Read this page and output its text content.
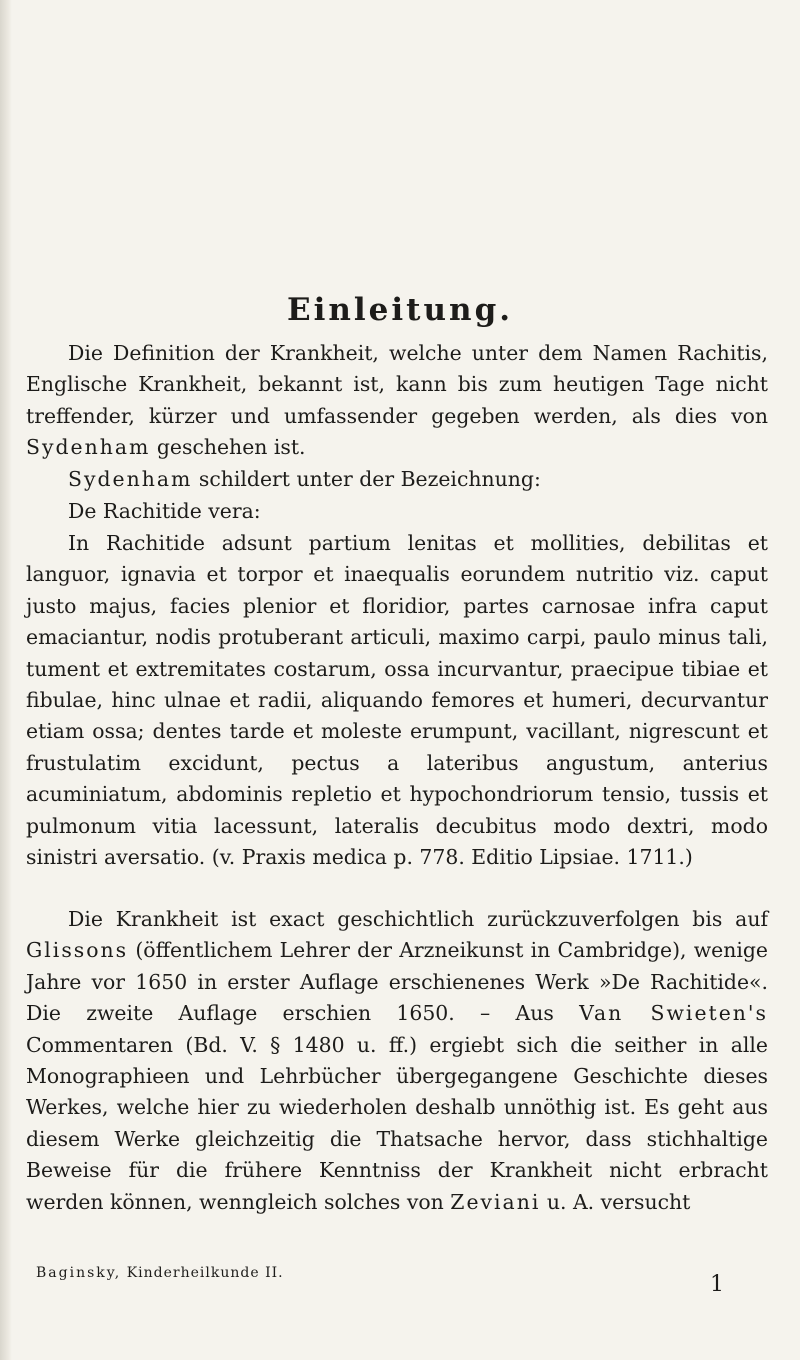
Einleitung.
Die Definition der Krankheit, welche unter dem Namen Rachitis, Englische Krankheit, bekannt ist, kann bis zum heutigen Tage nicht treffender, kürzer und umfassender gegeben werden, als dies von Sydenham geschehen ist.
Sydenham schildert unter der Bezeichnung:
De Rachitide vera:
In Rachitide adsunt partium lenitas et mollities, debilitas et languor, ignavia et torpor et inaequalis eorundem nutritio viz. caput justo majus, facies plenior et floridior, partes carnosae infra caput emaciantur, nodis protuberant articuli, maximo carpi, paulo minus tali, tument et extremitates costarum, ossa incurvantur, praecipue tibiae et fibulae, hinc ulnae et radii, aliquando femores et humeri, decurvantur etiam ossa; dentes tarde et moleste erumpunt, vacillant, nigrescunt et frustulatim excidunt, pectus a lateribus angustum, anterius acuminiatum, abdominis repletio et hypochondriorum tensio, tussis et pulmonum vitia lacessunt, lateralis decubitus modo dextri, modo sinistri aversatio. (v. Praxis medica p. 778. Editio Lipsiae. 1711.)
Die Krankheit ist exact geschichtlich zurückzuverfolgen bis auf Glissons (öffentlichem Lehrer der Arzneikunst in Cambridge), wenige Jahre vor 1650 in erster Auflage erschienenes Werk »De Rachitide«. Die zweite Auflage erschien 1650. – Aus Van Swieten's Commentaren (Bd. V. § 1480 u. ff.) ergiebt sich die seither in alle Monographieen und Lehrbücher übergegangene Geschichte dieses Werkes, welche hier zu wiederholen deshalb unnöthig ist. Es geht aus diesem Werke gleichzeitig die Thatsache hervor, dass stichhaltige Beweise für die frühere Kenntniss der Krankheit nicht erbracht werden können, wenngleich solches von Zeviani u. A. versucht
Baginsky, Kinderheilkunde II.	1
